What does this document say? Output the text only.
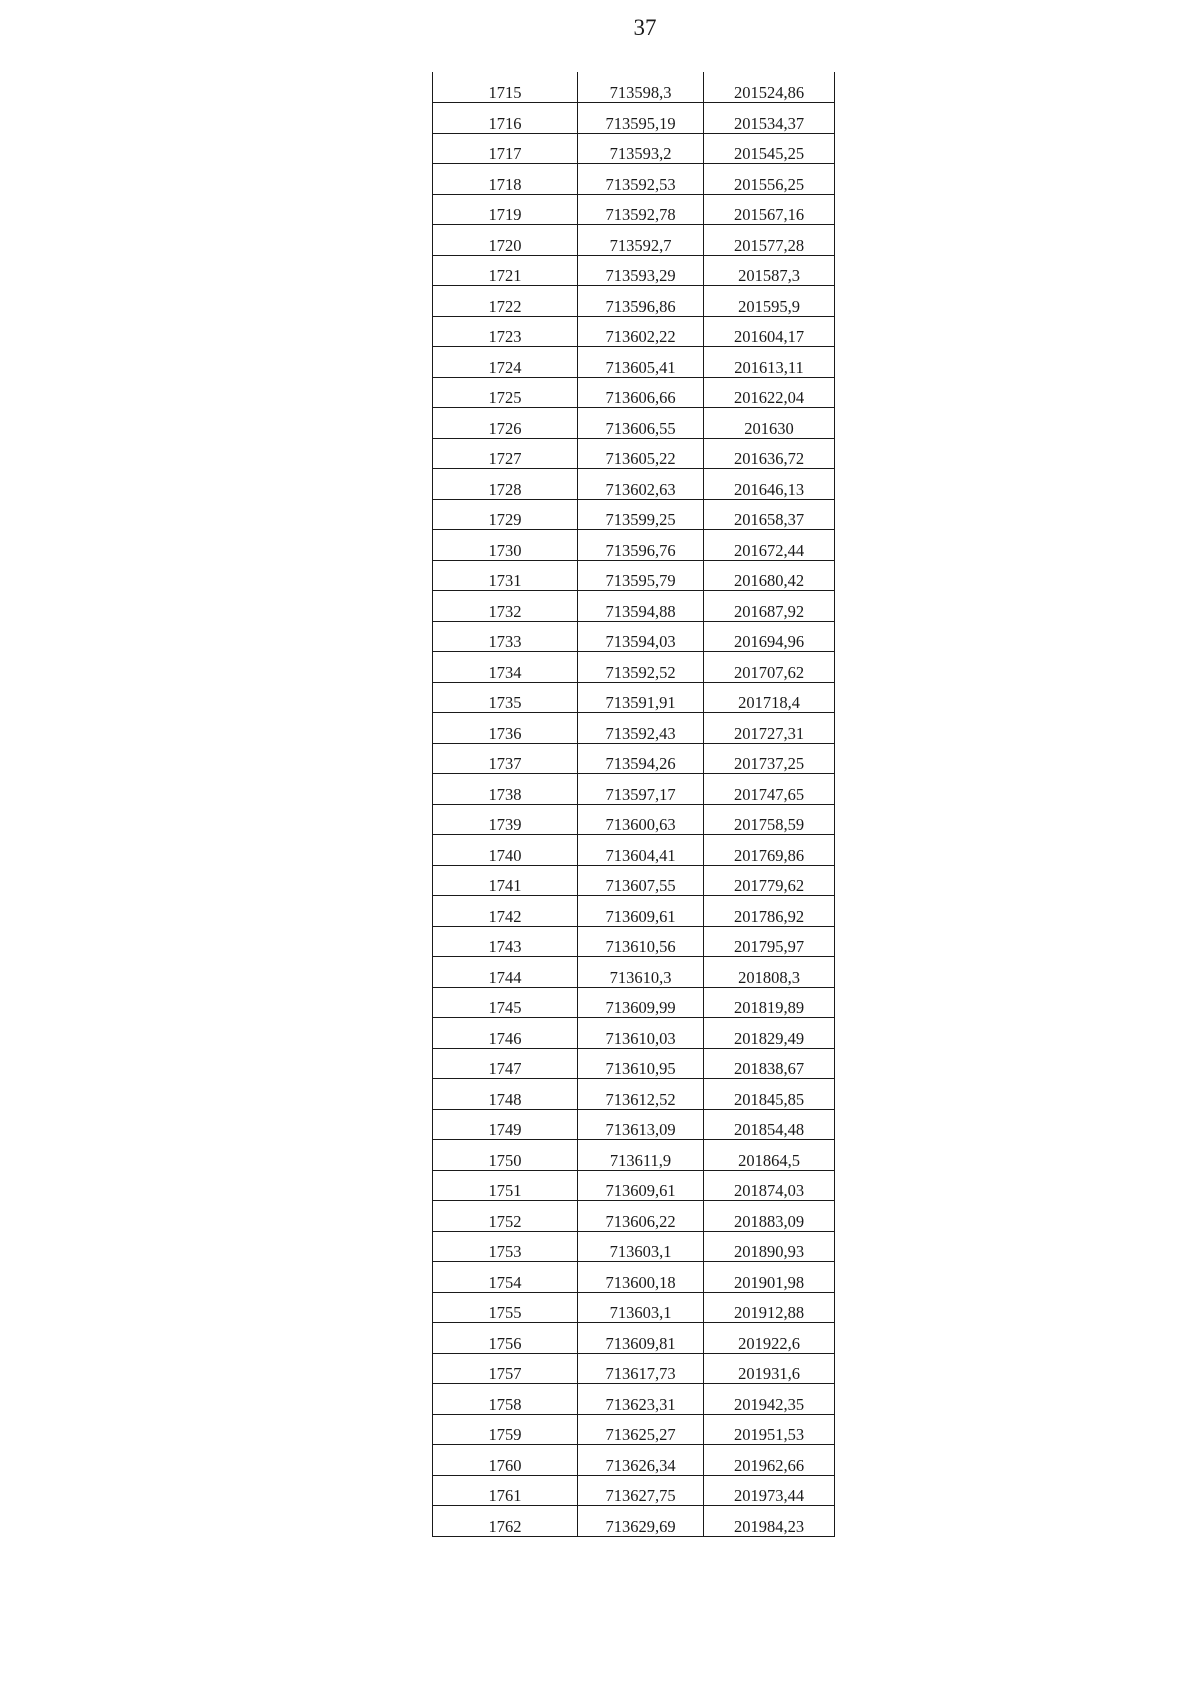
37
1715	713598,3	201524,86
1716	713595,19	201534,37
1717	713593,2	201545,25
1718	713592,53	201556,25
1719	713592,78	201567,16
1720	713592,7	201577,28
1721	713593,29	201587,3
1722	713596,86	201595,9
1723	713602,22	201604,17
1724	713605,41	201613,11
1725	713606,66	201622,04
1726	713606,55	201630
1727	713605,22	201636,72
1728	713602,63	201646,13
1729	713599,25	201658,37
1730	713596,76	201672,44
1731	713595,79	201680,42
1732	713594,88	201687,92
1733	713594,03	201694,96
1734	713592,52	201707,62
1735	713591,91	201718,4
1736	713592,43	201727,31
1737	713594,26	201737,25
1738	713597,17	201747,65
1739	713600,63	201758,59
1740	713604,41	201769,86
1741	713607,55	201779,62
1742	713609,61	201786,92
1743	713610,56	201795,97
1744	713610,3	201808,3
1745	713609,99	201819,89
1746	713610,03	201829,49
1747	713610,95	201838,67
1748	713612,52	201845,85
1749	713613,09	201854,48
1750	713611,9	201864,5
1751	713609,61	201874,03
1752	713606,22	201883,09
1753	713603,1	201890,93
1754	713600,18	201901,98
1755	713603,1	201912,88
1756	713609,81	201922,6
1757	713617,73	201931,6
1758	713623,31	201942,35
1759	713625,27	201951,53
1760	713626,34	201962,66
1761	713627,75	201973,44
1762	713629,69	201984,23
